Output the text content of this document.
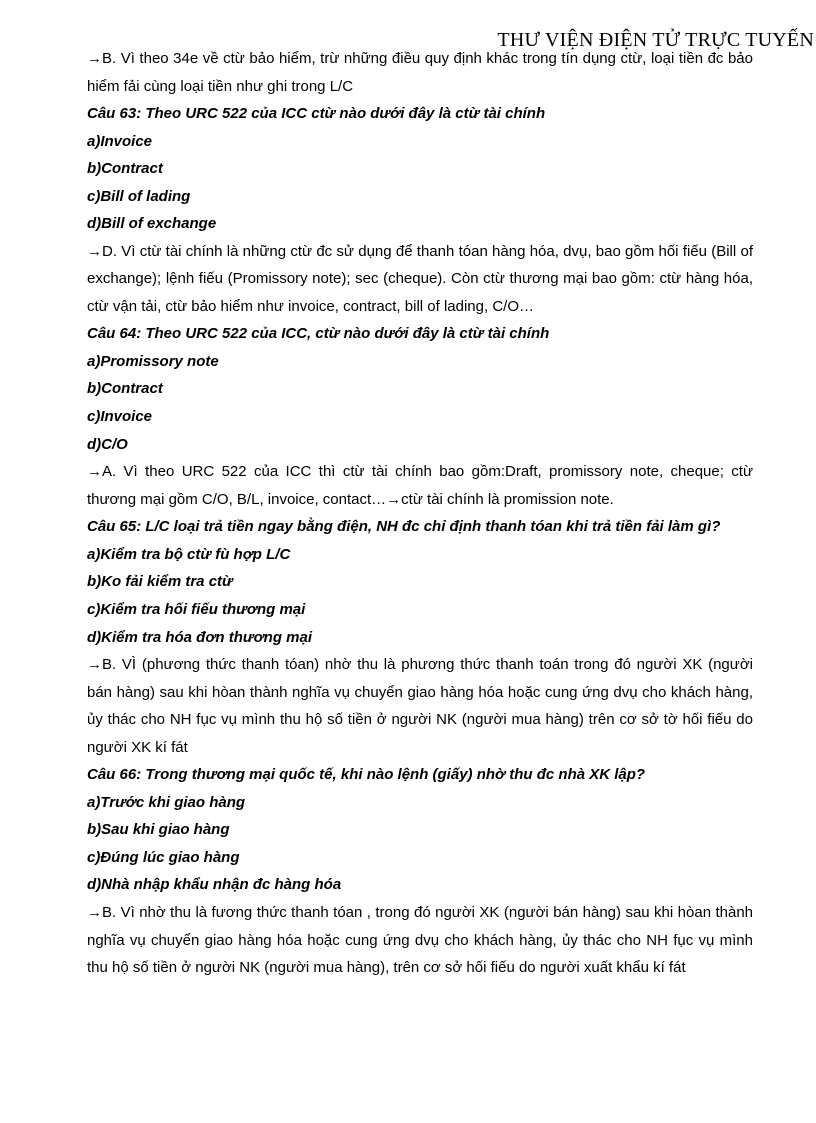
→B. Vì theo 34e về ctừ bảo hiểm, trừ những điều quy định khác trong tín dụng ctừ, loại tiền đc bảo hiểm fải cùng loại tiền như ghi trong L/C

Câu 63: Theo URC 522 của ICC ctừ nào dưới đây là ctừ tài chính

a)Invoice

b)Contract

c)Bill of lading

d)Bill of exchange

→D. Vì ctừ tài chính là những ctừ đc sử dụng để thanh tóan hàng hóa, dvụ, bao gồm hối fiếu (Bill of exchange); lệnh fiếu (Promissory note); sec (cheque). Còn ctừ thương mại bao gồm: ctừ hàng hóa, ctừ vận tải, ctừ bảo hiểm như invoice, contract, bill of lading, C/O…

Câu 64: Theo URC 522 của ICC, ctừ nào dưới đây là ctừ tài chính

a)Promissory note

b)Contract

c)Invoice

d)C/O

→A. Vì theo URC 522 của ICC thì ctừ tài chính bao gồm:Draft, promissory note, cheque; ctừ thương mại gồm C/O, B/L, invoice, contact…→ctừ tài chính là promission note.

Câu 65: L/C loại trả tiền ngay bằng điện, NH đc chỉ định thanh tóan khi trả tiền fải làm gì?

a)Kiểm tra bộ ctừ fù hợp L/C

b)Ko fải kiểm tra ctừ

c)Kiểm tra hối fiếu thương mại

d)Kiểm tra hóa đơn thương mại

→B. VÌ (phương thức thanh tóan) nhờ thu là phương thức thanh toán trong đó người XK (người bán hàng) sau khi hòan thành nghĩa vụ chuyển giao hàng hóa hoặc cung ứng dvụ cho khách hàng, ủy thác cho NH fục vụ mình thu hộ số tiền ở người NK (người mua hàng) trên cơ sở tờ hối fiếu do người XK kí fát

Câu 66: Trong thương mại quốc tế, khi nào lệnh (giấy) nhờ thu đc nhà XK lập?

a)Trước khi giao hàng

b)Sau khi giao hàng

c)Đúng lúc giao hàng

d)Nhà nhập khẩu nhận đc hàng hóa

→B. Vì nhờ thu là fương thức thanh tóan , trong đó người XK (người bán hàng) sau khi hòan thành nghĩa vụ chuyển giao hàng hóa hoặc cung ứng dvụ cho khách hàng, ủy thác cho NH fục vụ mình thu hộ số tiền ở người NK (người mua hàng), trên cơ sở hối fiếu do người xuất khẩu kí fát

THƯ VIỆN ĐIỆN TỬ TRỰC TUYẾN
